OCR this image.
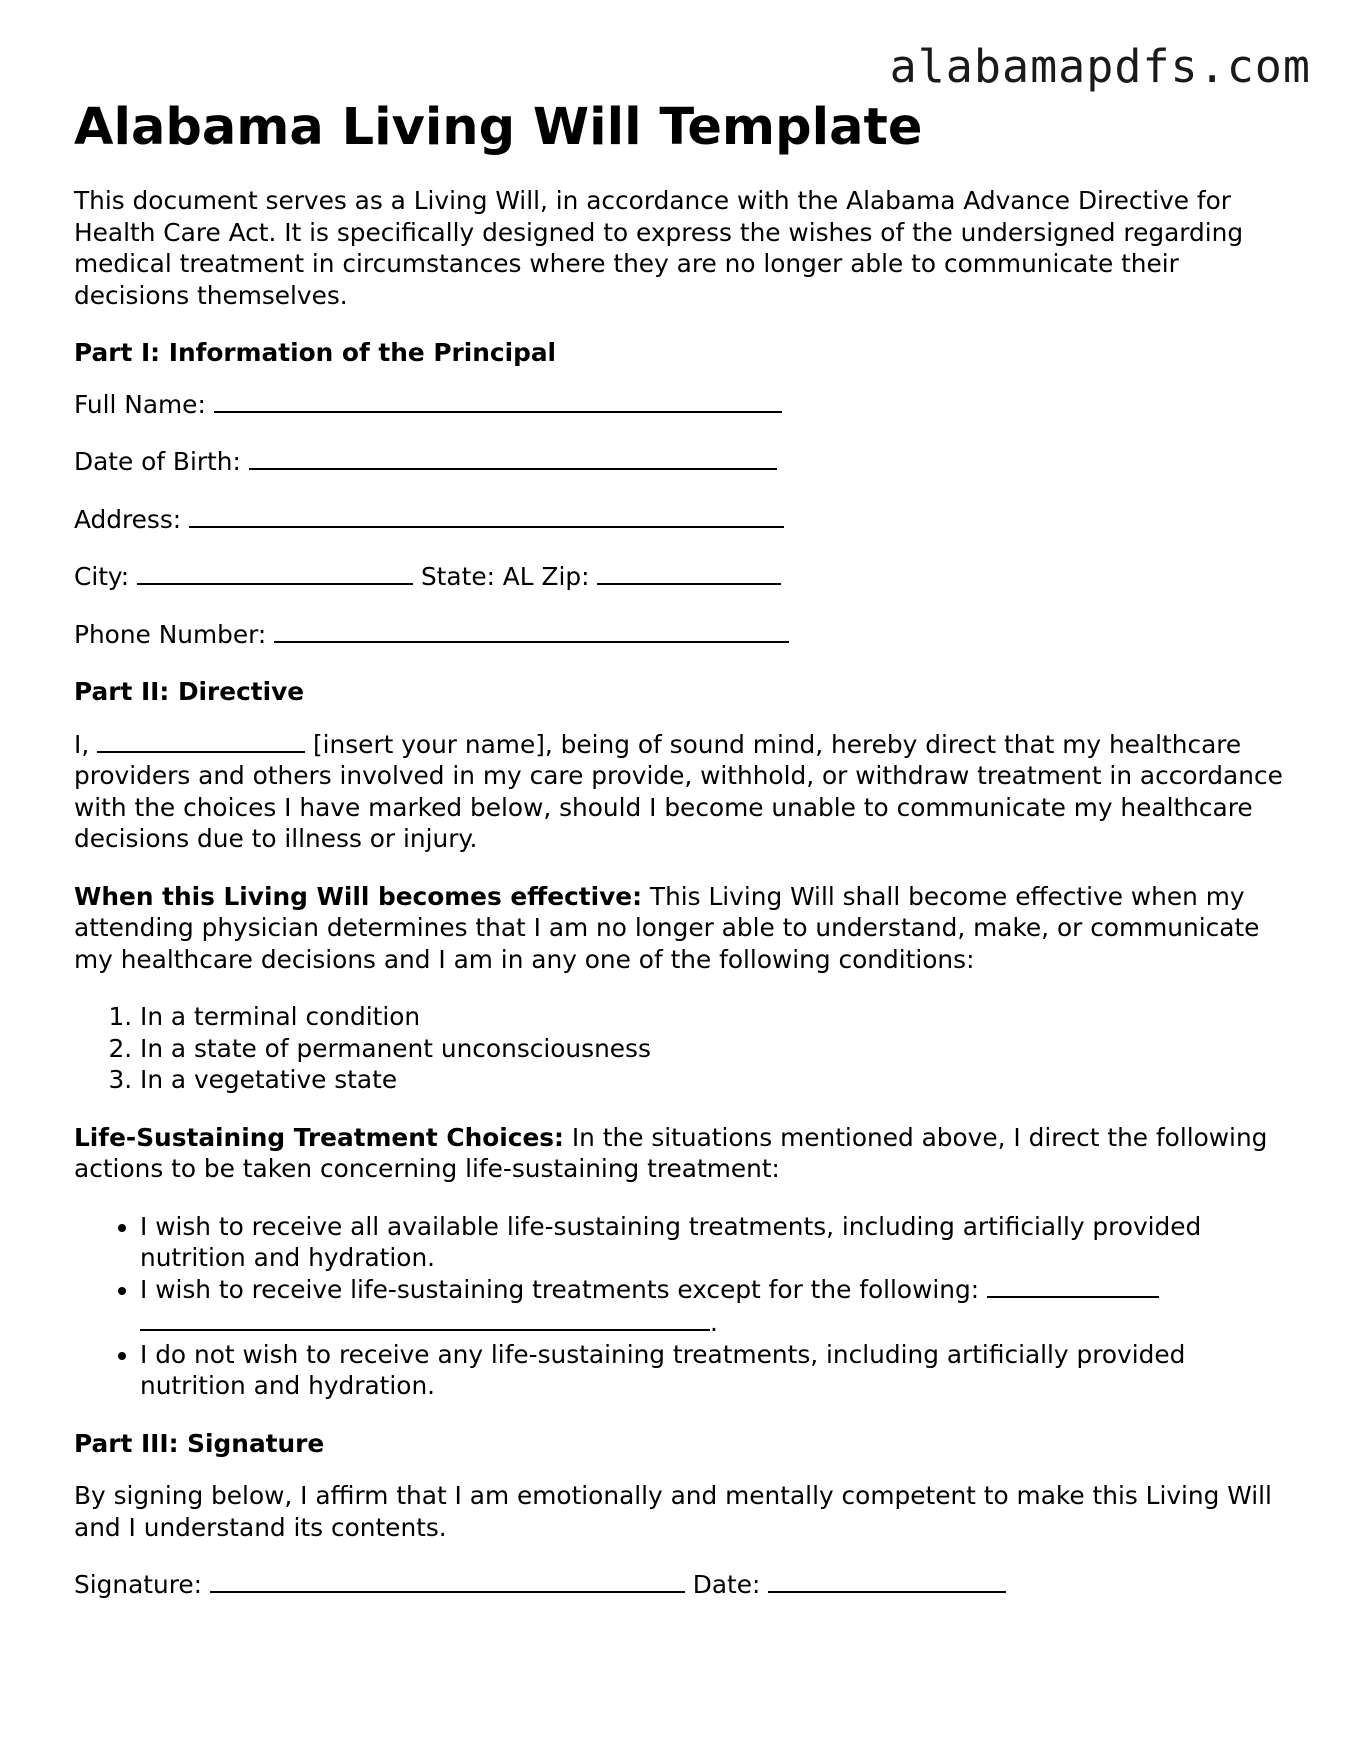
alabamapdfs.com
Alabama Living Will Template

This document serves as a Living Will, in accordance with the Alabama Advance Directive for Health Care Act. It is specifically designed to express the wishes of the undersigned regarding medical treatment in circumstances where they are no longer able to communicate their decisions themselves.

Part I: Information of the Principal

Full Name:

Date of Birth:

Address:

City:	State: AL Zip:

Phone Number:

Part II: Directive

I,	[insert your name], being of sound mind, hereby direct that my healthcare providers and others involved in my care provide, withhold, or withdraw treatment in accordance with the choices I have marked below, should I become unable to communicate my healthcare decisions due to illness or injury.

When this Living Will becomes effective: This Living Will shall become effective when my attending physician determines that I am no longer able to understand, make, or communicate my healthcare decisions and I am in any one of the following conditions:

1. In a terminal condition
2. In a state of permanent unconsciousness
3. In a vegetative state

Life-Sustaining Treatment Choices: In the situations mentioned above, I direct the following actions to be taken concerning life-sustaining treatment:

• I wish to receive all available life-sustaining treatments, including artificially provided nutrition and hydration.
• I wish to receive life-sustaining treatments except for the following:
.
• I do not wish to receive any life-sustaining treatments, including artificially provided nutrition and hydration.

Part III: Signature

By signing below, I affirm that I am emotionally and mentally competent to make this Living Will and I understand its contents.

Signature:	Date:
